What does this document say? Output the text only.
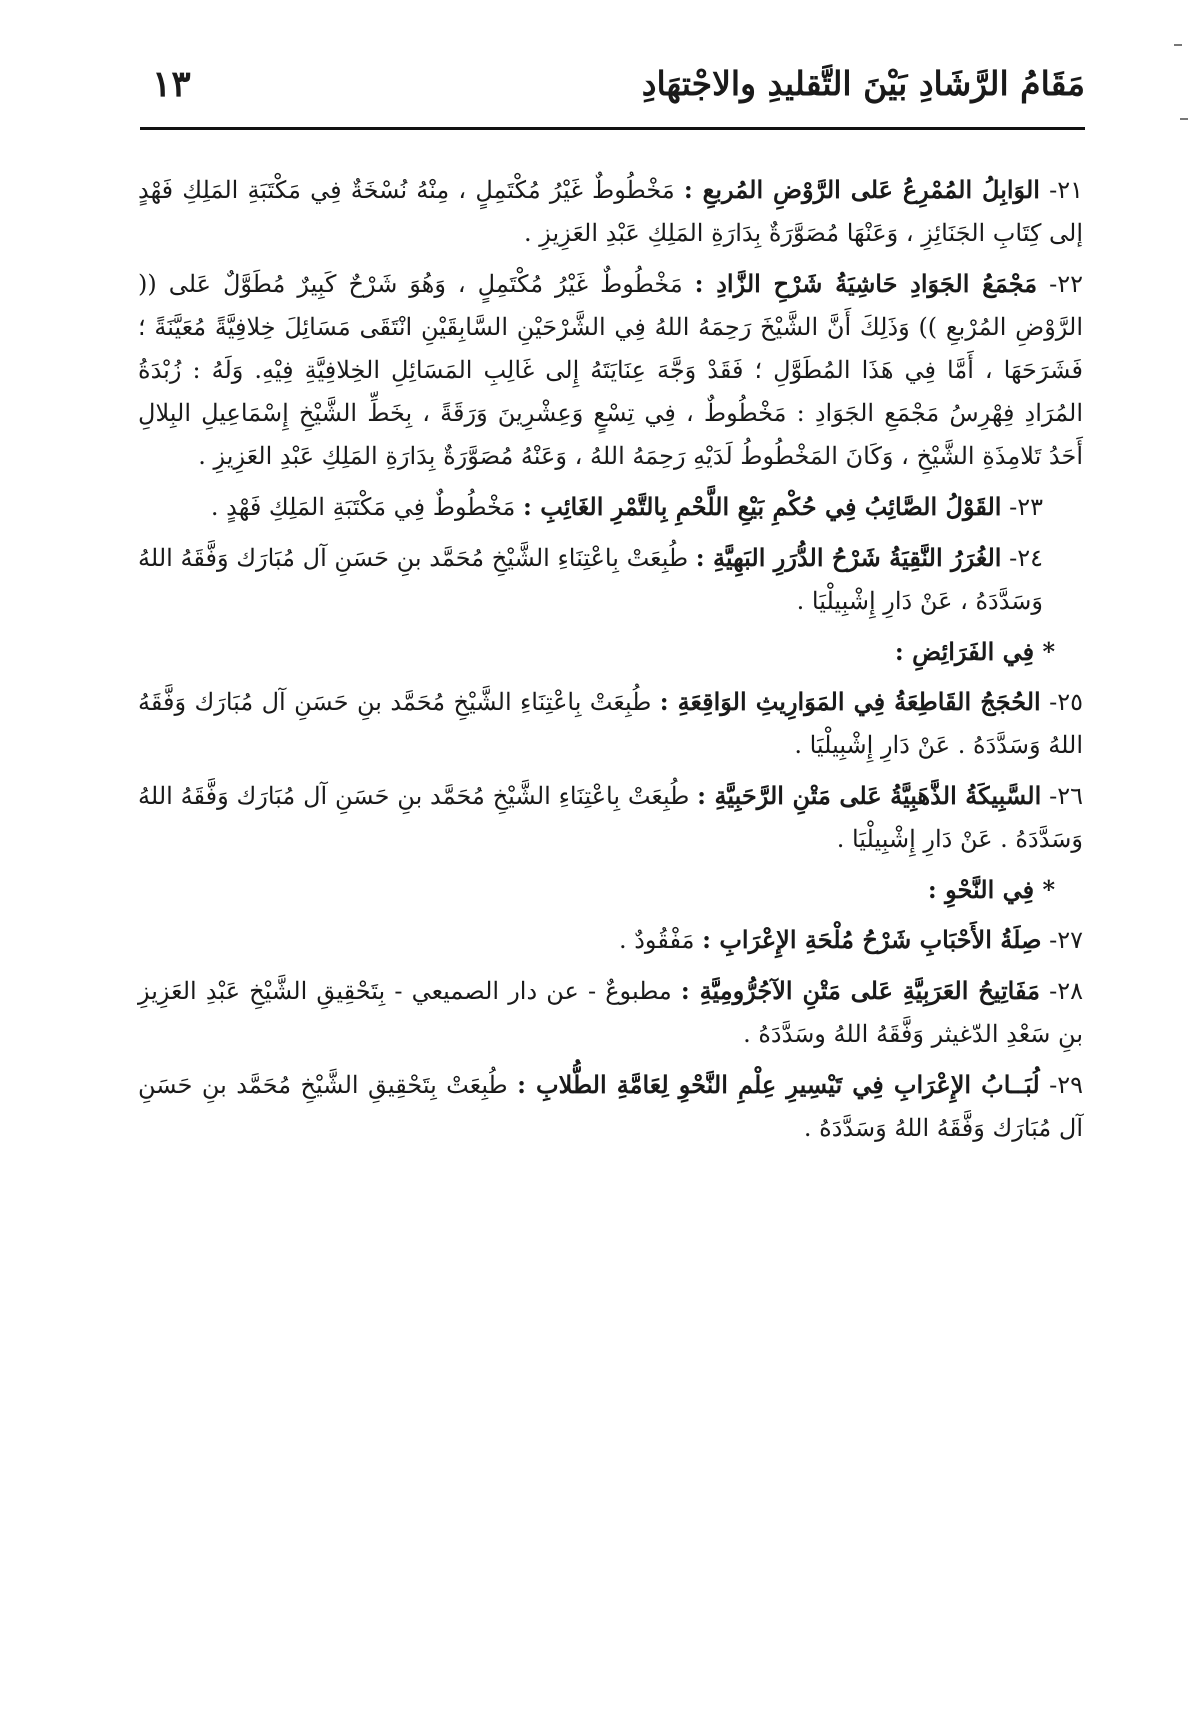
مَقَامُ الرَّشَادِ بَيْنَ التَّقليدِ والاجْتهَادِ
١٣

٢١- الوَابِلُ المُمْرِعُ عَلى الرَّوْضِ المُربعِ : مَخْطُوطٌ غَيْرُ مُكْتَمِلٍ ، مِنْهُ نُسْخَةٌ فِي مَكْتَبَةِ المَلِكِ فَهْدٍ إلى كِتَابِ الجَنَائِزِ ، وَعَنْهَا مُصَوَّرَةٌ بِدَارَةِ المَلِكِ عَبْدِ العَزِيزِ .

٢٢- مَجْمَعُ الجَوَادِ حَاشِيَةُ شَرْحِ الزَّادِ : مَخْطُوطٌ غَيْرُ مُكْتَمِلٍ ، وَهُوَ شَرْحٌ كَبِيرٌ مُطَوَّلٌ عَلى (( الرَّوْضِ المُرْبعِ )) وَذَلِكَ أَنَّ الشَّيْخَ رَحِمَهُ اللهُ فِي الشَّرْحَيْنِ السَّابِقَيْنِ انْتَقَى مَسَائِلَ خِلافِيَّةً مُعَيَّنَةً ؛ فَشَرَحَهَا ، أَمَّا فِي هَذَا المُطَوَّلِ ؛ فَقَدْ وَجَّهَ عِنَايَتَهُ إِلى غَالِبِ المَسَائِلِ الخِلافِيَّةِ فِيْهِ. وَلَهُ : زُبْدَةُ المُرَادِ فِهْرِسُ مَجْمَعِ الجَوَادِ : مَخْطُوطٌ ، فِي تِسْعٍ وَعِشْرِينَ وَرَقَةً ، بِخَطِّ الشَّيْخِ إِسْمَاعِيلِ البِلالِ أَحَدُ تَلامِذَةِ الشَّيْخِ ، وَكَانَ المَخْطُوطُ لَدَيْهِ رَحِمَهُ اللهُ ، وَعَنْهُ مُصَوَّرَةٌ بِدَارَةِ المَلِكِ عَبْدِ العَزِيزِ .

٢٣- القَوْلُ الصَّائِبُ فِي حُكْمِ بَيْعِ اللَّحْمِ بِالتَّمْرِ الغَائِبِ : مَخْطُوطٌ فِي مَكْتَبَةِ المَلِكِ فَهْدٍ .

٢٤- الغُرَرُ النَّقِيَةُ شَرْحُ الدُّرَرِ البَهِيَّةِ : طُبِعَتْ بِاعْتِنَاءِ الشَّيْخِ مُحَمَّد بنِ حَسَنِ آل مُبَارَك وَفَّقَهُ اللهُ وَسَدَّدَهُ ، عَنْ دَارِ إِشْبِيلْيَا .

* فِي الفَرَائِضِ :

٢٥- الحُجَجُ القَاطِعَةُ فِي المَوَارِيثِ الوَاقِعَةِ : طُبِعَتْ بِاعْتِنَاءِ الشَّيْخِ مُحَمَّد بنِ حَسَنِ آل مُبَارَك وَفَّقَهُ اللهُ وَسَدَّدَهُ . عَنْ دَارِ إِشْبِيلْيَا .

٢٦- السَّبِيكَةُ الذَّهَبِيَّةُ عَلى مَتْنِ الرَّحَبِيَّةِ : طُبِعَتْ بِاعْتِنَاءِ الشَّيْخِ مُحَمَّد بنِ حَسَنِ آل مُبَارَك وَفَّقَهُ اللهُ وَسَدَّدَهُ . عَنْ دَارِ إِشْبِيلْيَا .

* فِي النَّحْوِ :

٢٧- صِلَةُ الأَحْبَابِ شَرْحُ مُلْحَةِ الإِعْرَابِ : مَفْقُودٌ .

٢٨- مَفَاتِيحُ العَرَبِيَّةِ عَلى مَتْنِ الآجُرُّومِيَّةِ : مطبوعٌ - عن دار الصميعي - بِتَحْقِيقِ الشَّيْخِ عَبْدِ العَزِيزِ بنِ سَعْدِ الدّغيثر وَفَّقَهُ اللهُ وسَدَّدَهُ .

٢٩- لُبَــابُ الإِعْرَابِ فِي تَيْسِيرِ عِلْمِ النَّحْوِ لِعَامَّةِ الطُّلابِ : طُبِعَتْ بِتَحْقِيقِ الشَّيْخِ مُحَمَّد بنِ حَسَنِ آل مُبَارَك وَفَّقَهُ اللهُ وَسَدَّدَهُ .
